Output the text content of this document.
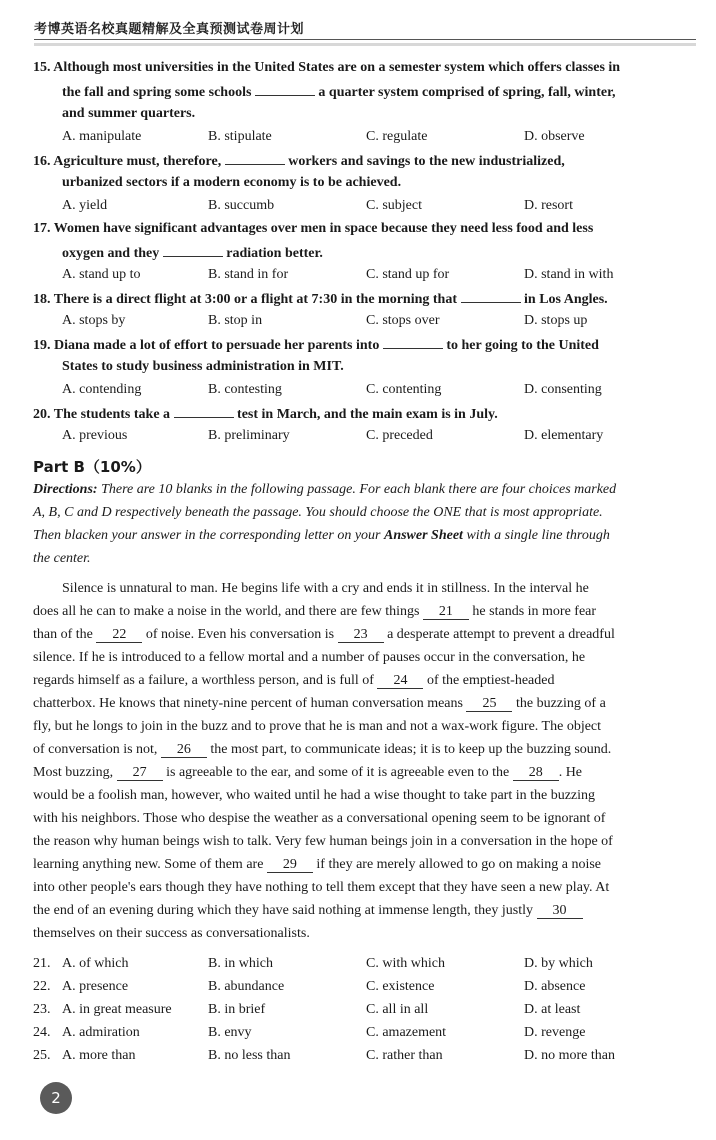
考博英语名校真题精解及全真预测试卷周计划
15. Although most universities in the United States are on a semester system which offers classes in
the fall and spring some schools	a quarter system comprised of spring, fall, winter,
and summer quarters.
A. manipulate	B. stipulate	C. regulate	D. observe
16. Agriculture must, therefore,	workers and savings to the new industrialized,
urbanized sectors if a modern economy is to be achieved.
A. yield	B. succumb	C. subject	D. resort
17. Women have significant advantages over men in space because they need less food and less
oxygen and they	radiation better.
A. stand up to	B. stand in for	C. stand up for	D. stand in with
18. There is a direct flight at 3:00 or a flight at 7:30 in the morning that	in Los Angles.
A. stops by	B. stop in	C. stops over	D. stops up
19. Diana made a lot of effort to persuade her parents into	to her going to the United
States to study business administration in MIT.
A. contending	B. contesting	C. contenting	D. consenting
20. The students take a	test in March, and the main exam is in July.
A. previous	B. preliminary	C. preceded	D. elementary
Part B（10%）
Directions: There are 10 blanks in the following passage. For each blank there are four choices marked
A, B, C and D respectively beneath the passage. You should choose the ONE that is most appropriate.
Then blacken your answer in the corresponding letter on your Answer Sheet with a single line through
the center.
Silence is unnatural to man. He begins life with a cry and ends it in stillness. In the interval he
does all he can to make a noise in the world, and there are few things 21 he stands in more fear
than of the 22 of noise. Even his conversation is 23 a desperate attempt to prevent a dreadful
silence. If he is introduced to a fellow mortal and a number of pauses occur in the conversation, he
regards himself as a failure, a worthless person, and is full of 24 of the emptiest-headed
chatterbox. He knows that ninety-nine percent of human conversation means 25 the buzzing of a
fly, but he longs to join in the buzz and to prove that he is man and not a wax-work figure. The object
of conversation is not, 26 the most part, to communicate ideas; it is to keep up the buzzing sound.
Most buzzing, 27 is agreeable to the ear, and some of it is agreeable even to the 28 . He
would be a foolish man, however, who waited until he had a wise thought to take part in the buzzing
with his neighbors. Those who despise the weather as a conversational opening seem to be ignorant of
the reason why human beings wish to talk. Very few human beings join in a conversation in the hope of
learning anything new. Some of them are 29 if they are merely allowed to go on making a noise
into other people's ears though they have nothing to tell them except that they have seen a new play. At
the end of an evening during which they have said nothing at immense length, they justly 30
themselves on their success as conversationalists.
21. A. of which	B. in which	C. with which	D. by which
22. A. presence	B. abundance	C. existence	D. absence
23. A. in great measure	B. in brief	C. all in all	D. at least
24. A. admiration	B. envy	C. amazement	D. revenge
25. A. more than	B. no less than	C. rather than	D. no more than
2
